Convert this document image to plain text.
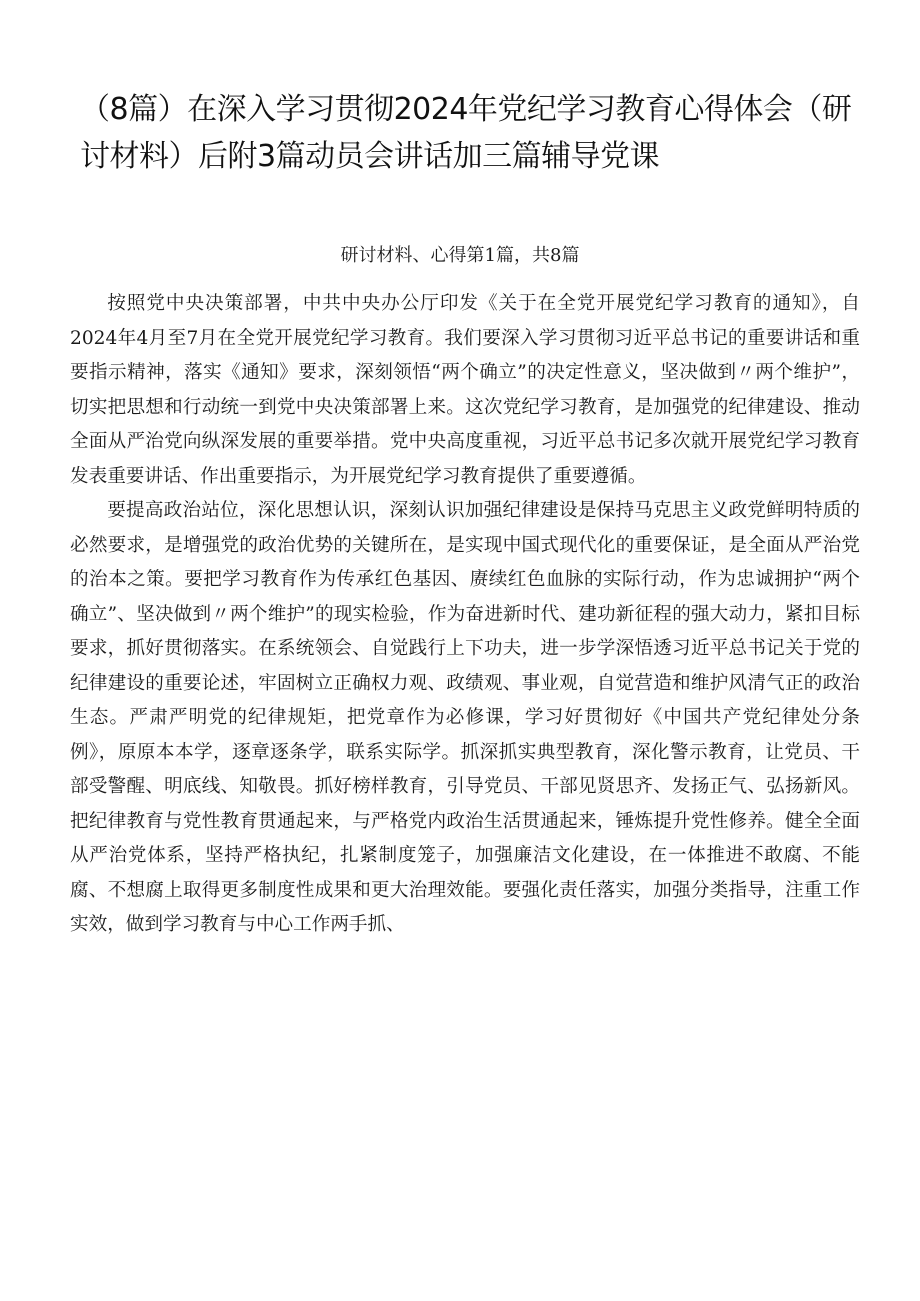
（8篇）在深入学习贯彻2024年党纪学习教育心得体会（研讨材料）后附3篇动员会讲话加三篇辅导党课
研讨材料、心得第1篇，共8篇

按照党中央决策部署，中共中央办公厅印发《关于在全党开展党纪学习教育的通知》，自2024年4月至7月在全党开展党纪学习教育。我们要深入学习贯彻习近平总书记的重要讲话和重要指示精神，落实《通知》要求，深刻领悟“两个确立”的决定性意义，坚决做到〃两个维护”，切实把思想和行动统一到党中央决策部署上来。这次党纪学习教育，是加强党的纪律建设、推动全面从严治党向纵深发展的重要举措。党中央高度重视，习近平总书记多次就开展党纪学习教育发表重要讲话、作出重要指示，为开展党纪学习教育提供了重要遵循。

要提高政治站位，深化思想认识，深刻认识加强纪律建设是保持马克思主义政党鲜明特质的必然要求，是增强党的政治优势的关键所在，是实现中国式现代化的重要保证，是全面从严治党的治本之策。要把学习教育作为传承红色基因、赓续红色血脉的实际行动，作为忠诚拥护“两个确立”、坚决做到〃两个维护”的现实检验，作为奋进新时代、建功新征程的强大动力，紧扣目标要求，抓好贯彻落实。在系统领会、自觉践行上下功夫，进一步学深悟透习近平总书记关于党的纪律建设的重要论述，牢固树立正确权力观、政绩观、事业观，自觉营造和维护风清气正的政治生态。严肃严明党的纪律规矩，把党章作为必修课，学习好贯彻好《中国共产党纪律处分条例》，原原本本学，逐章逐条学，联系实际学。抓深抓实典型教育，深化警示教育，让党员、干部受警醒、明底线、知敬畏。抓好榜样教育，引导党员、干部见贤思齐、发扬正气、弘扬新风。把纪律教育与党性教育贯通起来，与严格党内政治生活贯通起来，锤炼提升党性修养。健全全面从严治党体系，坚持严格执纪，扎紧制度笼子，加强廉洁文化建设，在一体推进不敢腐、不能腐、不想腐上取得更多制度性成果和更大治理效能。要强化责任落实，加强分类指导，注重工作实效，做到学习教育与中心工作两手抓、
